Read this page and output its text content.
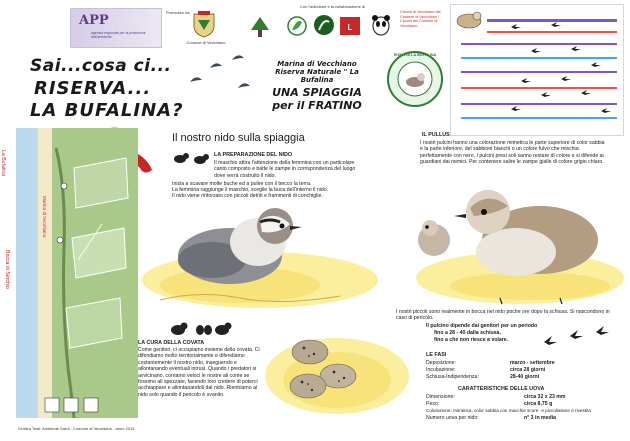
APP
agenzia regionale per la protezione dell'ambiente
Promosso da
Comune di Vecchiano
Con l'adesione e la collaborazione di
L
Circolo di Vecchiano del Comune di Vecchiano / Circolo del Comune di Vecchiano
Sai...cosa ci...
RISERVA...
LA BUFALINA?
Marina di Vecchiano
Riserva Naturale " La Bufalina
UNA SPIAGGIA
per il FRATINO
RISERVA LA BUFALINA
La Bufalina
Marina di Vecchiano
Bocca di Serchio
Il nostro nido sulla spiaggia
LA PREPARAZIONE DEL NIDO
Il maschio attira l'attenzione della femmina con un particolare canto composto e batte le zampe in corrispondenza del luogo dove verrà costruito il nido.
Inizia a scavare molte buche ed a pulire con il becco la terra.
La femmina raggiunge il maschio, sceglie la buca dell'interno il nido.
Il nido viene rinforzato con piccoli detriti e frammenti di conchiglie.
IL PULLUS
I nostri pulcini hanno una colorazione mimetica le parte superiore di color sabbia e la parte inferiore, del sabbioni bianchi o un colore fulvo che mischia perfettamente con nero. I pulcini presi soli sanno restare di colore e si difende ai guardiani dai nemici. Per contenere salire le zampe gialle di colore grigio chiaro.
I nostri piccoli sono realmente in bocca nel nido poche ore dopo la schiusa. Si nascondono in caso di pericolo.
Il pulcino dipende dai genitori per un periodo
fino a 28 - 40 dalla schiusa,
fino a che non riesce a volare.
LA CURA DELLA COVATA
Come genitori, ci occupiamo insieme della covata. Ci difendiamo molto territorialmente e difendiamo costantemente il nostro nido, inseguendo e allontanando eventuali intrusi. Quando i predatori si avvicinano, corriamo veloci le nostre ali come se fossimo ali spezzate, facendo loro credere di poterci acchiappare e allontanandoli dal nido. Rientriamo al nido solo quando il pericolo è svanito.
LE FASI
Deposizione:	marzo - settembre
Incubazione:	circa 28 giorni
Schiusa-Indipendenza:	28-40 giorni
CARATTERISTICHE DELLE UOVA
Dimensione:	circa 32 x 23 mm
Peso:	circa 8,75 g
Colorazione: mimetica, color sabbia con macchie scure e piccolissime e rivestita
Numero uova per nido:	n° 3 in media
Grafica Testi: Ambiente Sardi - Comune di Vecchiano - anno 2015
